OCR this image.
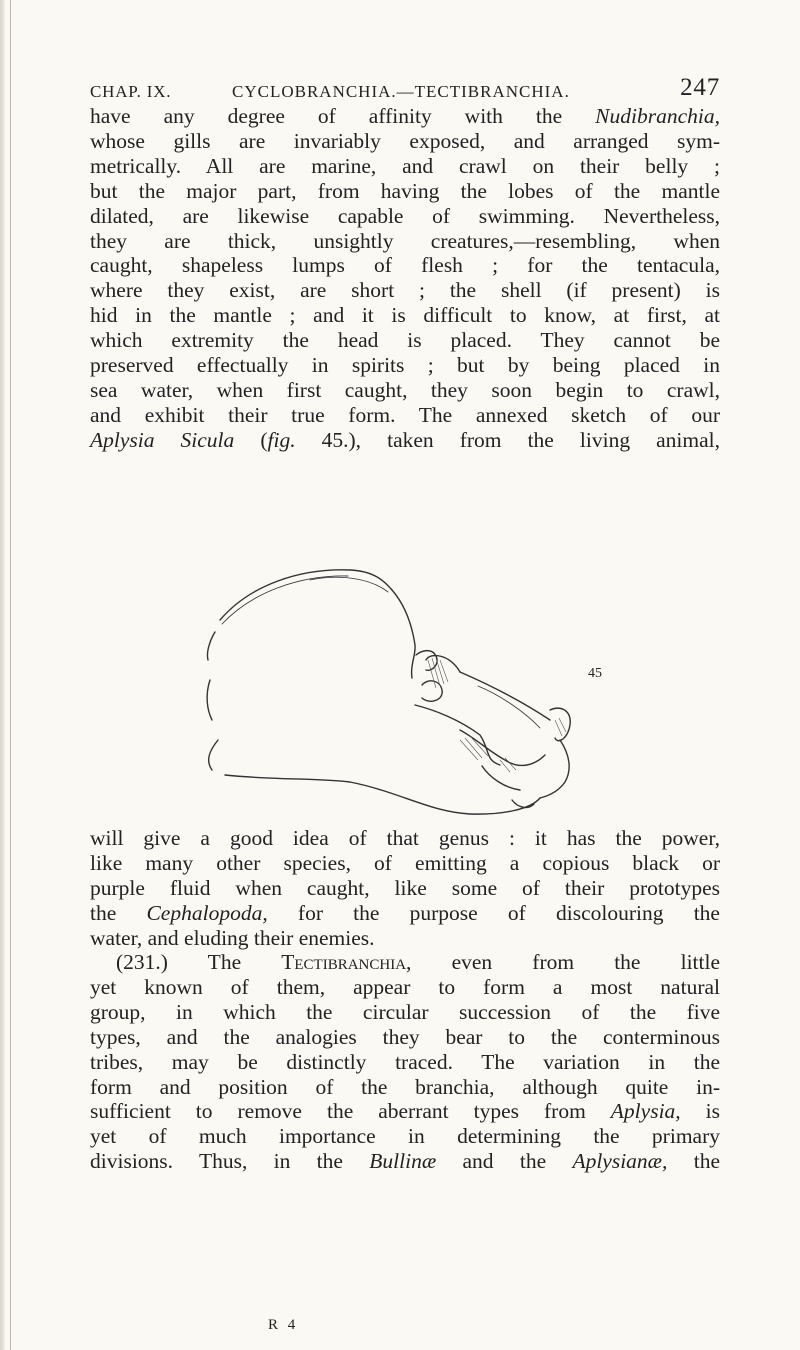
CHAP. IX.	CYCLOBRANCHIA.—TECTIBRANCHIA.	247
have any degree of affinity with the Nudibranchia,
whose gills are invariably exposed, and arranged sym-
metrically. All are marine, and crawl on their belly ;
but the major part, from having the lobes of the mantle
dilated, are likewise capable of swimming. Nevertheless,
they are thick, unsightly creatures,—resembling, when
caught, shapeless lumps of flesh ; for the tentacula,
where they exist, are short ; the shell (if present) is
hid in the mantle ; and it is difficult to know, at first, at
which extremity the head is placed. They cannot be
preserved effectually in spirits ; but by being placed in
sea water, when first caught, they soon begin to crawl,
and exhibit their true form. The annexed sketch of our
Aplysia Sicula (fig. 45.), taken from the living animal,
45
will give a good idea of that genus : it has the power,
like many other species, of emitting a copious black or
purple fluid when caught, like some of their prototypes
the Cephalopoda, for the purpose of discolouring the
water, and eluding their enemies.
(231.) The Tectibranchia, even from the little
yet known of them, appear to form a most natural
group, in which the circular succession of the five
types, and the analogies they bear to the conterminous
tribes, may be distinctly traced. The variation in the
form and position of the branchia, although quite in-
sufficient to remove the aberrant types from Aplysia, is
yet of much importance in determining the primary
divisions. Thus, in the Bullinæ and the Aplysianæ, the
R 4
